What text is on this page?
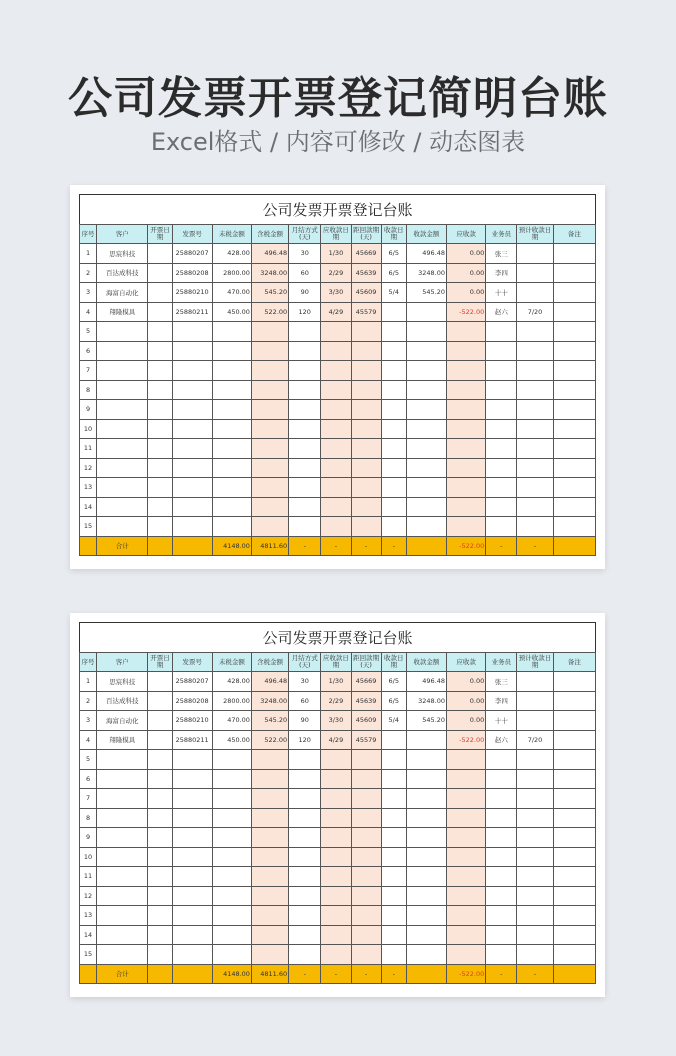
公司发票开票登记简明台账
Excel格式 / 内容可修改 / 动态图表
公司发票开票登记台账
序号	客户	开票日期	发票号	未税金额	含税金额	月结方式(天)	应收款日期	距回款期(天)	收款日期	收款金额	应收款	业务员	预计收款日期	备注
1	思宸科技		25880207	428.00	496.48	30	1/30	45669	6/5	496.48	0.00	张三		
2	百达成科技		25880208	2800.00	3248.00	60	2/29	45639	6/5	3248.00	0.00	李四		
3	海富自动化		25880210	470.00	545.20	90	3/30	45609	5/4	545.20	0.00	十十		
4	翔隆模具		25880211	450.00	522.00	120	4/29	45579			-522.00	赵六	7/20	
5														
6														
7														
8														
9														
10														
11														
12														
13														
14														
15														
	合计			4148.00	4811.60	-	-	-	-		-522.00	-	-	
公司发票开票登记台账
序号	客户	开票日期	发票号	未税金额	含税金额	月结方式(天)	应收款日期	距回款期(天)	收款日期	收款金额	应收款	业务员	预计收款日期	备注
1	思宸科技		25880207	428.00	496.48	30	1/30	45669	6/5	496.48	0.00	张三		
2	百达成科技		25880208	2800.00	3248.00	60	2/29	45639	6/5	3248.00	0.00	李四		
3	海富自动化		25880210	470.00	545.20	90	3/30	45609	5/4	545.20	0.00	十十		
4	翔隆模具		25880211	450.00	522.00	120	4/29	45579			-522.00	赵六	7/20	
5														
6														
7														
8														
9														
10														
11														
12														
13														
14														
15														
	合计			4148.00	4811.60	-	-	-	-		-522.00	-	-	
